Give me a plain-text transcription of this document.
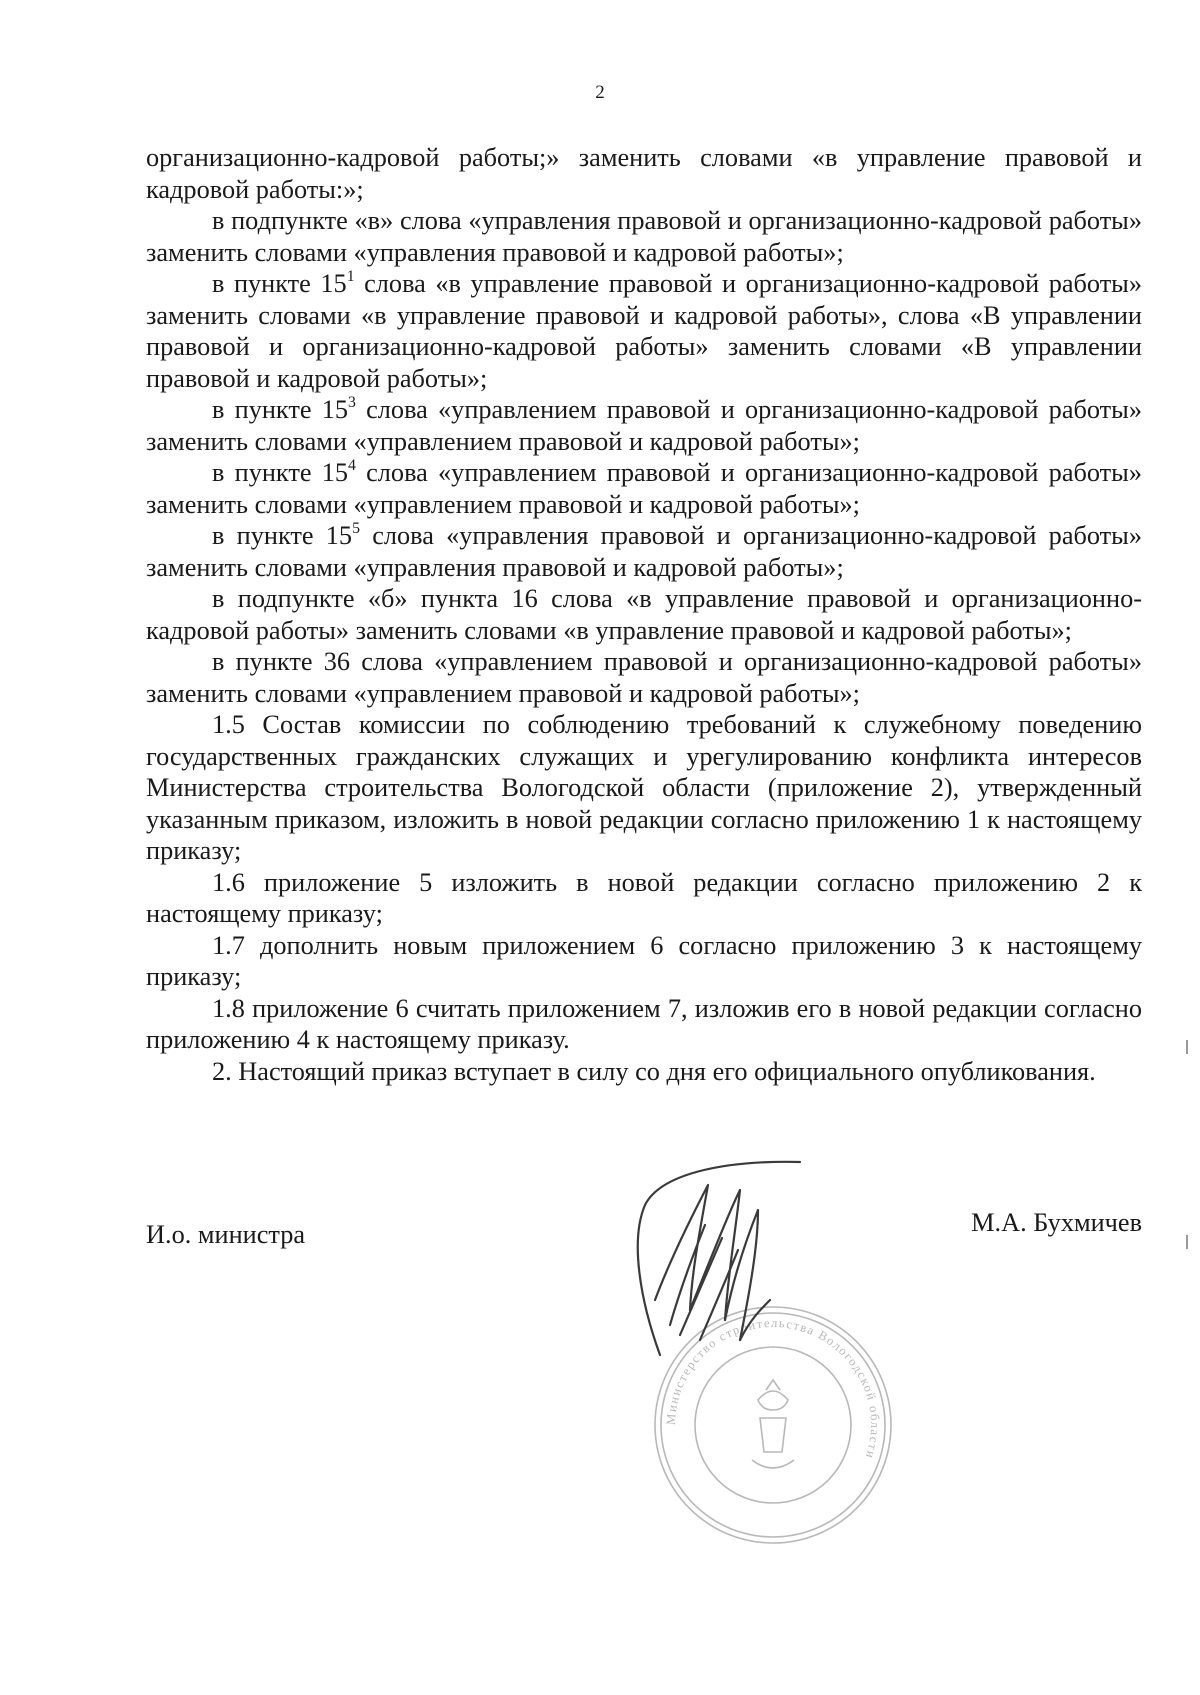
2

организационно-кадровой работы;» заменить словами «в управление правовой и кадровой работы:»;

в подпункте «в» слова «управления правовой и организационно-кадровой работы» заменить словами «управления правовой и кадровой работы»;

в пункте $15^1$ слова «в управление правовой и организационно-кадровой работы» заменить словами «в управление правовой и кадровой работы», слова «В управлении правовой и организационно-кадровой работы» заменить словами «В управлении правовой и кадровой работы»;

в пункте $15^3$ слова «управлением правовой и организационно-кадровой работы» заменить словами «управлением правовой и кадровой работы»;

в пункте $15^4$ слова «управлением правовой и организационно-кадровой работы» заменить словами «управлением правовой и кадровой работы»;

в пункте $15^5$ слова «управления правовой и организационно-кадровой работы» заменить словами «управления правовой и кадровой работы»;

в подпункте «б» пункта 16 слова «в управление правовой и организационно-кадровой работы» заменить словами «в управление правовой и кадровой работы»;

в пункте 36 слова «управлением правовой и организационно-кадровой работы» заменить словами «управлением правовой и кадровой работы»;

1.5 Состав комиссии по соблюдению требований к служебному поведению государственных гражданских служащих и урегулированию конфликта интересов Министерства строительства Вологодской области (приложение 2), утвержденный указанным приказом, изложить в новой редакции согласно приложению 1 к настоящему приказу;

1.6 приложение 5 изложить в новой редакции согласно приложению 2 к настоящему приказу;

1.7 дополнить новым приложением 6 согласно приложению 3 к настоящему приказу;

1.8 приложение 6 считать приложением 7, изложив его в новой редакции согласно приложению 4 к настоящему приказу.

2. Настоящий приказ вступает в силу со дня его официального опубликования.

И.о. министра	М.А. Бухмичев
Министерство строительства Вологодской области
